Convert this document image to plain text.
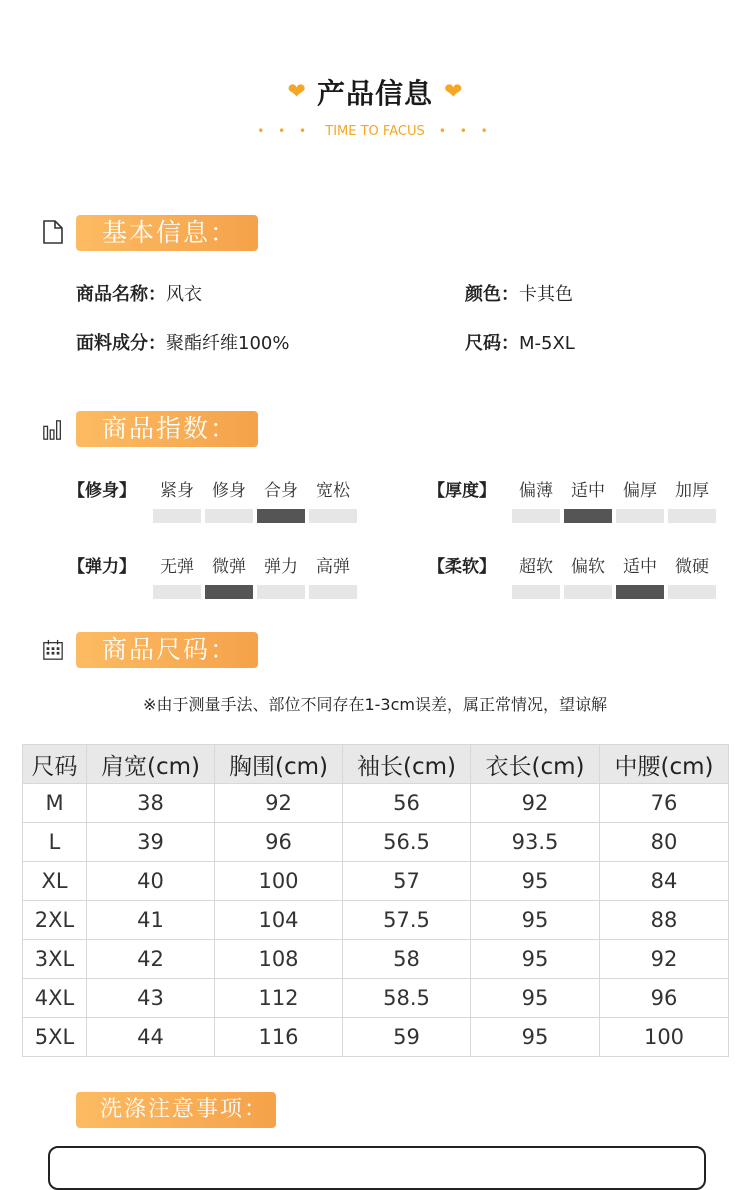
❤ 产品信息 ❤
• • • TIME TO FACUS • • •
基本信息：
商品名称：风衣	颜色：卡其色
面料成分：聚酯纤维100%	尺码：M-5XL
商品指数：
【修身】	紧身	修身	合身	宽松	【厚度】	偏薄	适中	偏厚	加厚
【弹力】	无弹	微弹	弹力	高弹	【柔软】	超软	偏软	适中	微硬
商品尺码：
※由于测量手法、部位不同存在1-3cm误差，属正常情况，望谅解
尺码	肩宽(cm)	胸围(cm)	袖长(cm)	衣长(cm)	中腰(cm)
M	38	92	56	92	76
L	39	96	56.5	93.5	80
XL	40	100	57	95	84
2XL	41	104	57.5	95	88
3XL	42	108	58	95	92
4XL	43	112	58.5	95	96
5XL	44	116	59	95	100
洗涤注意事项：
